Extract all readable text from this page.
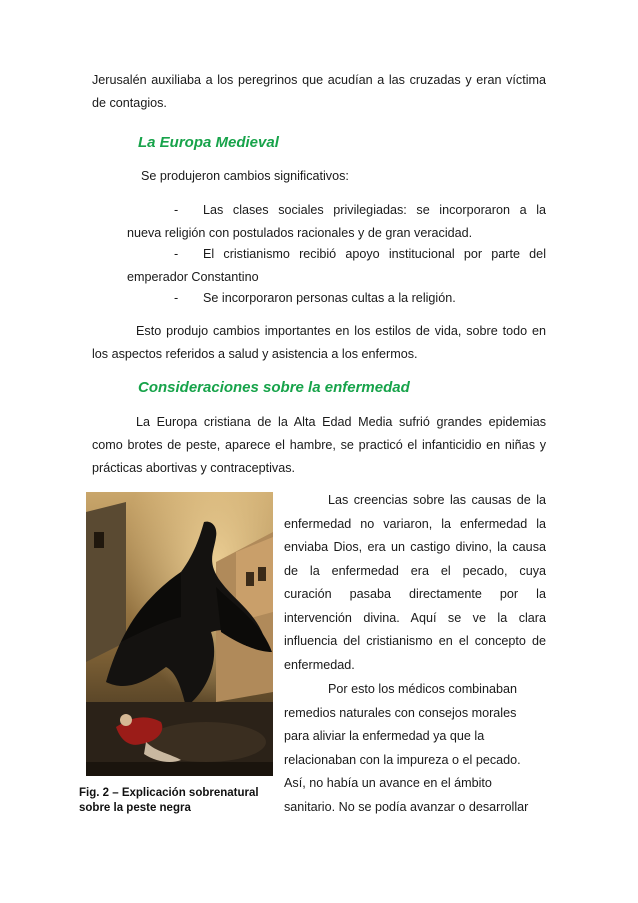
Jerusalén auxiliaba a los peregrinos que acudían a las cruzadas y eran víctima
de contagios.

La Europa Medieval

Se produjeron cambios significativos:

- Las clases sociales privilegiadas: se incorporaron a la
nueva religión con postulados racionales y de gran veracidad.
- El cristianismo recibió apoyo institucional por parte del
emperador Constantino
- Se incorporaron personas cultas a la religión.

Esto produjo cambios importantes en los estilos de vida, sobre todo en
los aspectos referidos a salud y asistencia a los enfermos.

Consideraciones sobre la enfermedad

La Europa cristiana de la Alta Edad Media sufrió grandes epidemias
como brotes de peste, aparece el hambre, se practicó el infanticidio en niñas y
prácticas abortivas y contraceptivas.

Fig. 2 – Explicación sobrenatural
sobre la peste negra

Las creencias sobre las causas de la
enfermedad no variaron, la enfermedad la
enviaba Dios, era un castigo divino, la causa
de la enfermedad era el pecado, cuya
curación pasaba directamente por la
intervención divina. Aquí se ve la clara
influencia del cristianismo en el concepto de
enfermedad.

Por esto los médicos combinaban
remedios naturales con consejos morales
para aliviar la enfermedad ya que la
relacionaban con la impureza o el pecado.
Así, no había un avance en el ámbito
sanitario. No se podía avanzar o desarrollar
